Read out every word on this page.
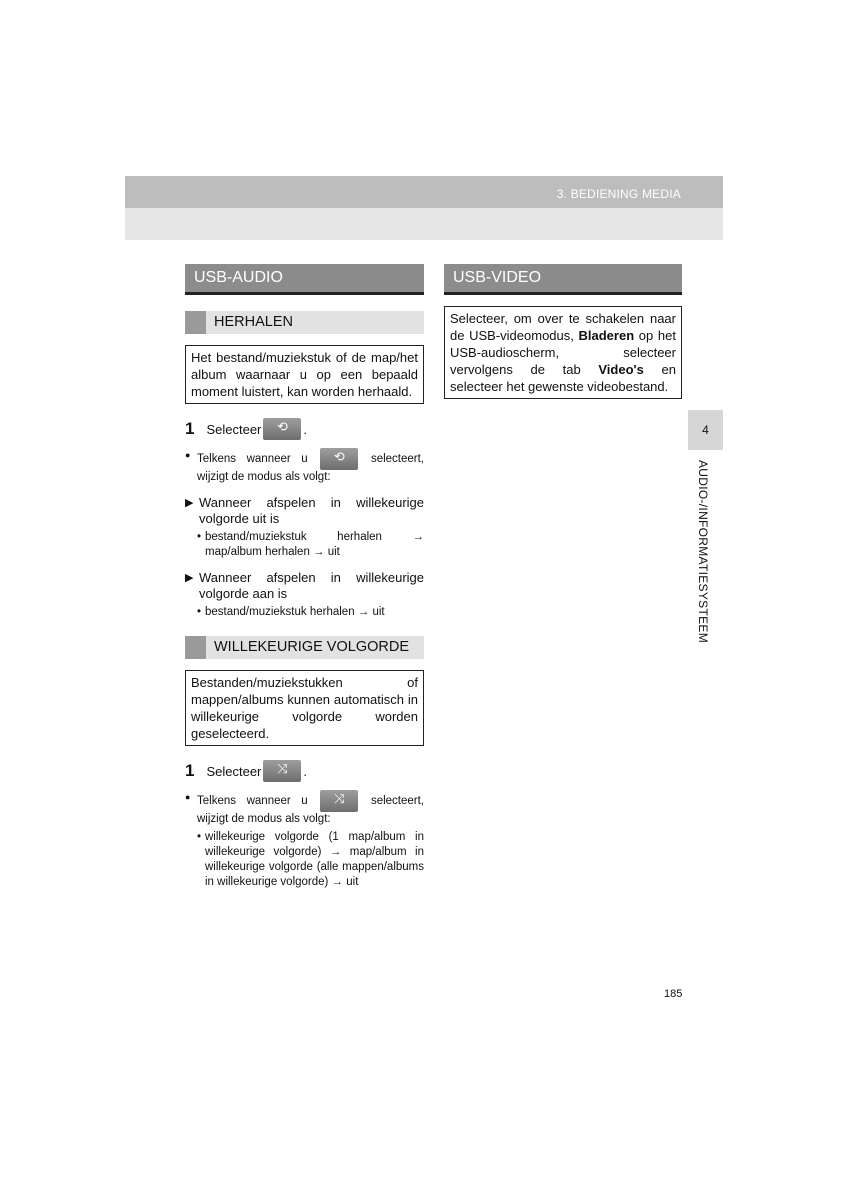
3. BEDIENING MEDIA
USB-AUDIO
HERHALEN
Het bestand/muziekstuk of de map/het album waarnaar u op een bepaald moment luistert, kan worden herhaald.
1 Selecteer	⟲	.
● Telkens wanneer u	⟲	selecteert, wijzigt de modus als volgt:
▶ Wanneer afspelen in willekeurige volgorde uit is
• bestand/muziekstuk herhalen → map/album herhalen → uit
▶ Wanneer afspelen in willekeurige volgorde aan is
• bestand/muziekstuk herhalen → uit
WILLEKEURIGE VOLGORDE
Bestanden/muziekstukken of mappen/albums kunnen automatisch in willekeurige volgorde worden geselecteerd.
1 Selecteer	⤨	.
● Telkens wanneer u	⤨	selecteert, wijzigt de modus als volgt:
• willekeurige volgorde (1 map/album in willekeurige volgorde) → map/album in willekeurige volgorde (alle mappen/albums in willekeurige volgorde) → uit
USB-VIDEO
Selecteer, om over te schakelen naar de USB-videomodus, Bladeren op het USB-audioscherm, selecteer vervolgens de tab Video's en selecteer het gewenste videobestand.
4
AUDIO-/INFORMATIESYSTEEM
185
